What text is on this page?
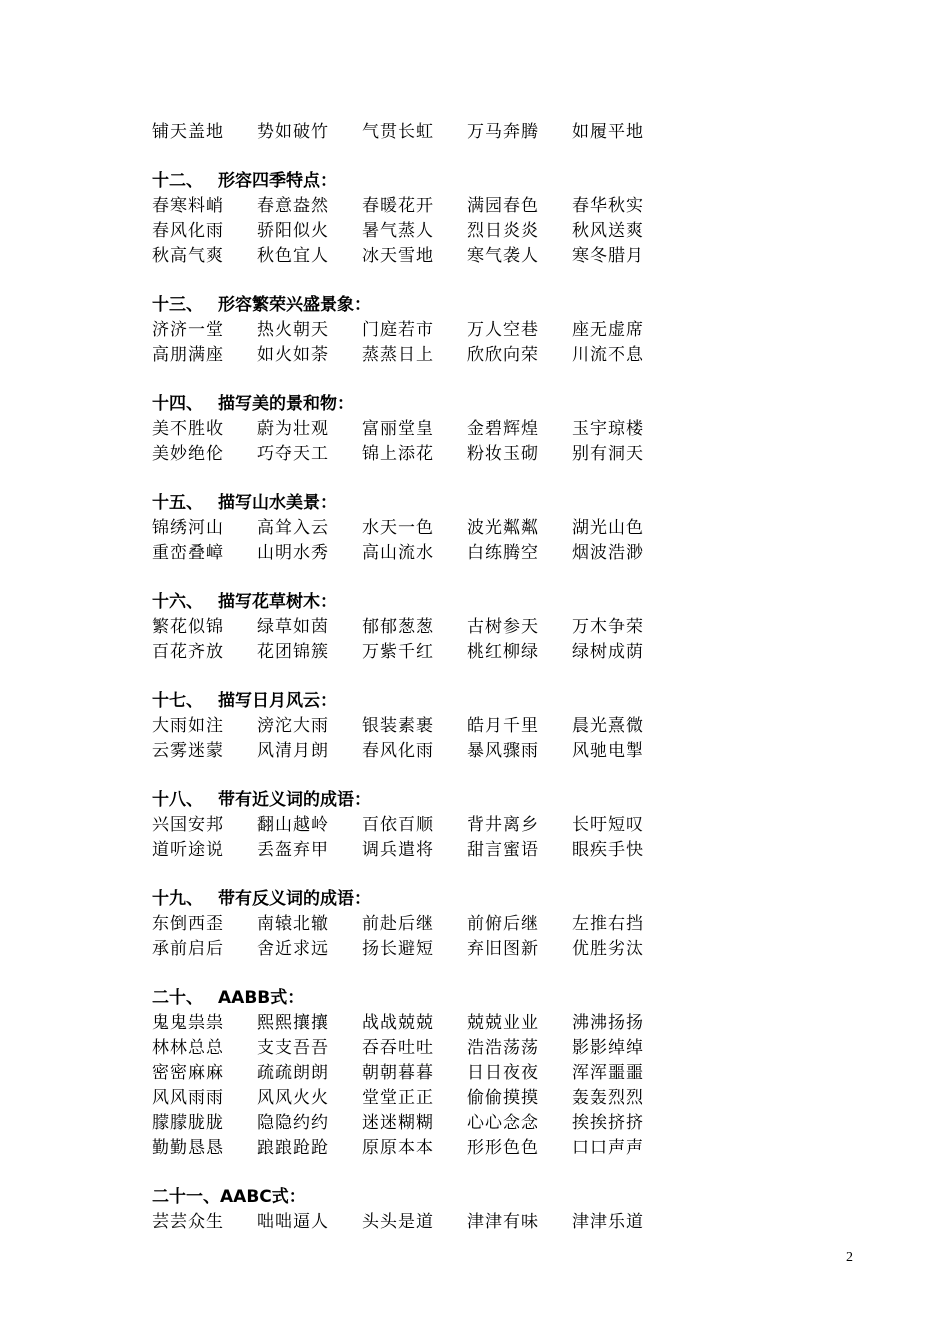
铺天盖地	势如破竹	气贯长虹	万马奔腾	如履平地
十二、 形容四季特点：
春寒料峭	春意盎然	春暖花开	满园春色	春华秋实
春风化雨	骄阳似火	暑气蒸人	烈日炎炎	秋风送爽
秋高气爽	秋色宜人	冰天雪地	寒气袭人	寒冬腊月
十三、 形容繁荣兴盛景象：
济济一堂	热火朝天	门庭若市	万人空巷	座无虚席
高朋满座	如火如荼	蒸蒸日上	欣欣向荣	川流不息
十四、 描写美的景和物：
美不胜收	蔚为壮观	富丽堂皇	金碧辉煌	玉宇琼楼
美妙绝伦	巧夺天工	锦上添花	粉妆玉砌	别有洞天
十五、 描写山水美景：
锦绣河山	高耸入云	水天一色	波光粼粼	湖光山色
重峦叠嶂	山明水秀	高山流水	白练腾空	烟波浩渺
十六、 描写花草树木：
繁花似锦	绿草如茵	郁郁葱葱	古树参天	万木争荣
百花齐放	花团锦簇	万紫千红	桃红柳绿	绿树成荫
十七、 描写日月风云：
大雨如注	滂沱大雨	银装素裹	皓月千里	晨光熹微
云雾迷蒙	风清月朗	春风化雨	暴风骤雨	风驰电掣
十八、 带有近义词的成语：
兴国安邦	翻山越岭	百依百顺	背井离乡	长吁短叹
道听途说	丢盔弃甲	调兵遣将	甜言蜜语	眼疾手快
十九、 带有反义词的成语：
东倒西歪	南辕北辙	前赴后继	前俯后继	左推右挡
承前启后	舍近求远	扬长避短	弃旧图新	优胜劣汰
二十、 AABB式：
鬼鬼祟祟	熙熙攘攘	战战兢兢	兢兢业业	沸沸扬扬
林林总总	支支吾吾	吞吞吐吐	浩浩荡荡	影影绰绰
密密麻麻	疏疏朗朗	朝朝暮暮	日日夜夜	浑浑噩噩
风风雨雨	风风火火	堂堂正正	偷偷摸摸	轰轰烈烈
朦朦胧胧	隐隐约约	迷迷糊糊	心心念念	挨挨挤挤
勤勤恳恳	踉踉跄跄	原原本本	形形色色	口口声声
二十一、AABC式：
芸芸众生	咄咄逼人	头头是道	津津有味	津津乐道
2
